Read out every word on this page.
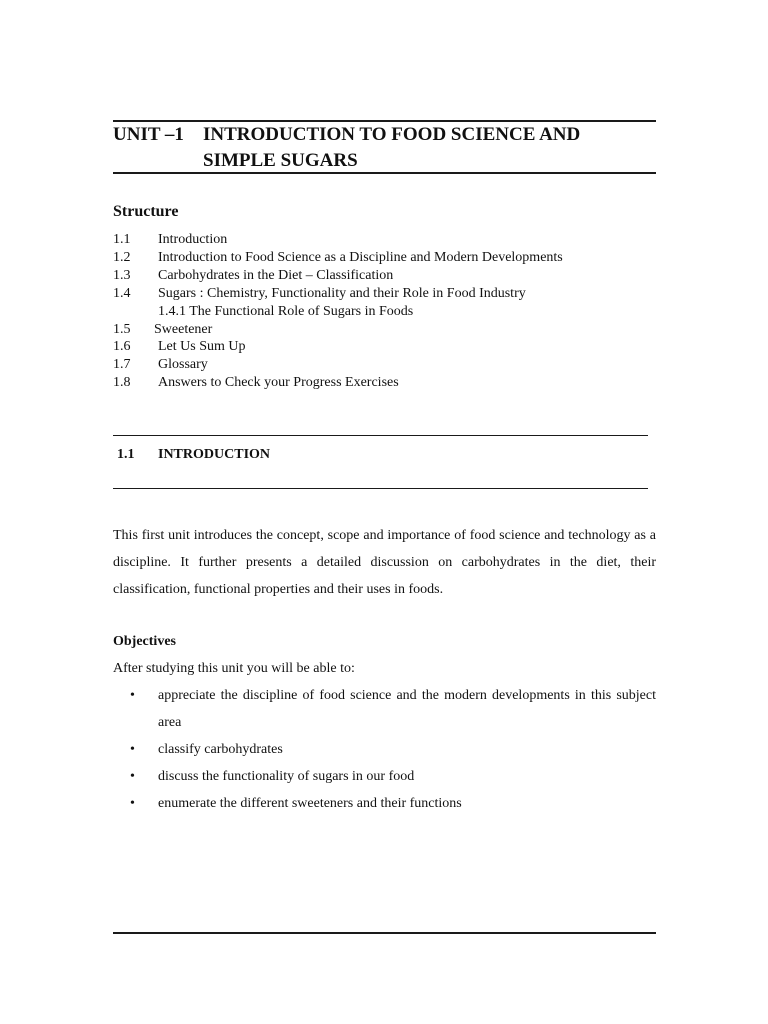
UNIT –1	INTRODUCTION TO FOOD SCIENCE AND
SIMPLE SUGARS
Structure
1.1	Introduction
1.2	Introduction to Food Science as a Discipline and Modern Developments
1.3	Carbohydrates in the Diet – Classification
1.4	Sugars : Chemistry, Functionality and their Role in Food Industry
1.4.1 The Functional Role of Sugars in Foods
1.5	Sweetener
1.6	Let Us Sum Up
1.7	Glossary
1.8	Answers to Check your Progress Exercises
1.1	INTRODUCTION
This first unit introduces the concept, scope and importance of food science and technology as a discipline. It further presents a detailed discussion on carbohydrates in the diet, their classification, functional properties and their uses in foods.
Objectives
After studying this unit you will be able to:
•	appreciate the discipline of food science and the modern developments in this subject area
•	classify carbohydrates
•	discuss the functionality of sugars in our food
•	enumerate the different sweeteners and their functions
